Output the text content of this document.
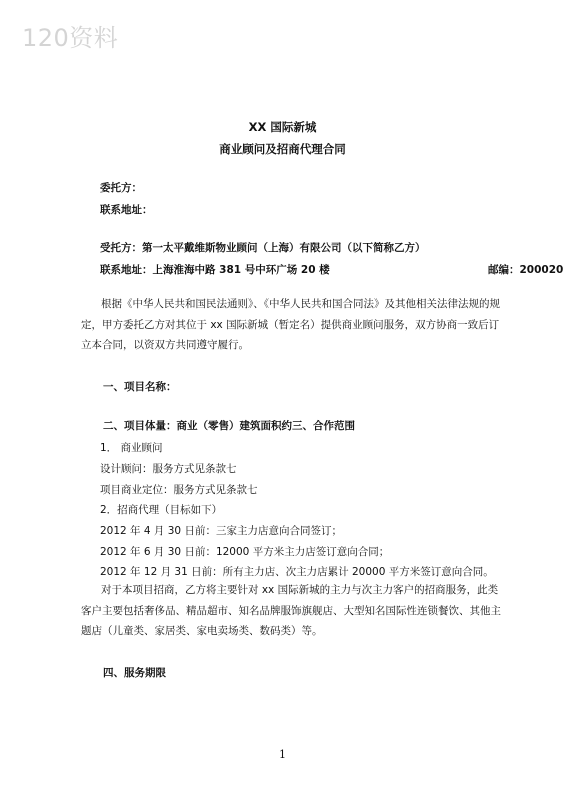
120资料
XX 国际新城
商业顾问及招商代理合同
委托方：
联系地址：
受托方：第一太平戴维斯物业顾问（上海）有限公司（以下简称乙方）
联系地址：上海淮海中路 381 号中环广场 20 楼	邮编：200020
根据《中华人民共和国民法通则》、《中华人民共和国合同法》及其他相关法律法规的规定，甲方委托乙方对其位于 xx 国际新城（暂定名）提供商业顾问服务，双方协商一致后订立本合同，以资双方共同遵守履行。
一、项目名称：
二、项目体量：商业（零售）建筑面积约三、合作范围
1． 商业顾问
设计顾问：服务方式见条款七
项目商业定位：服务方式见条款七
2．招商代理（目标如下）
2012 年 4 月 30 日前：三家主力店意向合同签订；
2012 年 6 月 30 日前：12000 平方米主力店签订意向合同；
2012 年 12 月 31 日前：所有主力店、次主力店累计 20000 平方米签订意向合同。
对于本项目招商，乙方将主要针对 xx 国际新城的主力与次主力客户的招商服务，此类客户主要包括奢侈品、精品超市、知名品牌服饰旗舰店、大型知名国际性连锁餐饮、其他主题店（儿童类、家居类、家电卖场类、数码类）等。
四、服务期限
1
